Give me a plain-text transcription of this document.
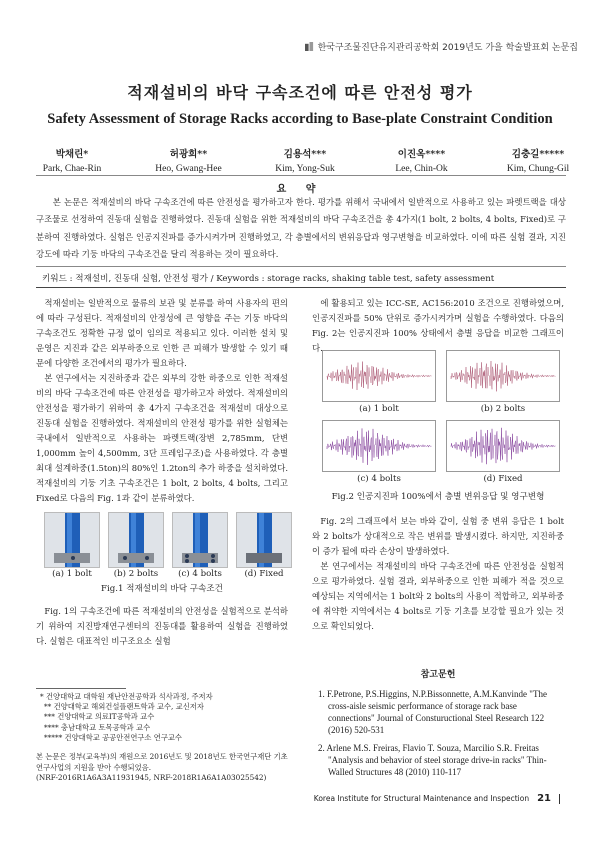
한국구조물진단유지관리공학회 2019년도 가을 학술발표회 논문집
적재설비의 바닥 구속조건에 따른 안전성 평가
Safety Assessment of Storage Racks according to Base-plate Constraint Condition
박채린*
Park, Chae-Rin
허광희**
Heo, Gwang-Hee
김용석***
Kim, Yong-Suk
이진옥****
Lee, Chin-Ok
김충길*****
Kim, Chung-Gil
요 약
본 논문은 적재설비의 바닥 구속조건에 따른 안전성을 평가하고자 한다. 평가를 위해서 국내에서 일반적으로 사용하고 있는 파렛트랙을 대상구조물로 선정하여 진동대 실험을 진행하였다. 진동대 실험을 위한 적재설비의 바닥 구속조건을 총 4가지(1 bolt, 2 bolts, 4 bolts, Fixed)로 구분하여 진행하였다. 실험은 인공지진파를 증가시켜가며 진행하였고, 각 층별에서의 변위응답과 영구변형을 비교하였다. 이에 따른 실험 결과, 지진 강도에 따라 기둥 바닥의 구속조건을 달리 적용하는 것이 필요하다.
키워드 : 적재설비, 진동대 실험, 안전성 평가 / Keywords : storage racks, shaking table test, safety assessment

적재설비는 일반적으로 물류의 보관 및 분류를 하여 사용자의 편의에 따라 구성된다. 적재설비의 안정성에 큰 영향을 주는 기둥 바닥의 구속조건도 정확한 규정 없이 임의로 적용되고 있다. 이러한 설치 및 운영은 지진과 같은 외부하중으로 인한 큰 피해가 발생할 수 있기 때문에 다양한 조건에서의 평가가 필요하다.

본 연구에서는 지진하중과 같은 외부의 강한 하중으로 인한 적재설비의 바닥 구속조건에 따른 안전성을 평가하고자 하였다. 적재설비의 안전성을 평가하기 위하여 총 4가지 구속조건을 적재설비 대상으로 진동대 실험을 진행하였다. 적재설비의 안전성 평가를 위한 실험체는 국내에서 일반적으로 사용하는 파렛트랙(장변 2,785mm, 단변 1,000mm 높이 4,500mm, 3단 프레임구조)을 사용하였다. 각 층별 최대 설계하중(1.5ton)의 80%인 1.2ton의 추가 하중을 설치하였다. 적재설비의 기둥 기초 구속조건은 1 bolt, 2 bolts, 4 bolts, 그리고 Fixed로 다음의 Fig. 1과 같이 분류하였다.

(a) 1 bolt	(b) 2 bolts	(c) 4 bolts	(d) Fixed
Fig.1 적재설비의 바닥 구속조건

Fig. 1의 구속조건에 따른 적재설비의 안전성을 실험적으로 분석하기 위하여 지진방재연구센터의 진동대를 활용하여 실험을 진행하였다. 실험은 대표적인 비구조요소 실험

* 건양대학교 대학원 재난안전공학과 석사과정, 주저자
** 건양대학교 해외건설플랜트학과 교수, 교신저자
*** 건양대학교 의료IT공학과 교수
**** 충남대학교 토목공학과 교수
***** 건양대학교 공공안전연구소 연구교수
본 논문은 정부(교육부)의 재원으로 2016년도 및 2018년도 한국연구재단 기초연구사업의 지원을 받아 수행되었음.
(NRF-2016R1A6A3A11931945, NRF-2018R1A6A1A03025542)

에 활용되고 있는 ICC-SE, AC156:2010 조건으로 진행하였으며, 인공지진파를 50% 단위로 증가시켜가며 실험을 수행하였다. 다음의 Fig. 2는 인공지진파 100% 상태에서 층별 응답을 비교한 그래프이다.

(a) 1 bolt	(b) 2 bolts
(c) 4 bolts	(d) Fixed
Fig.2 인공지진파 100%에서 층별 변위응답 및 영구변형

Fig. 2의 그래프에서 보는 바와 같이, 실험 중 변위 응답은 1 bolt와 2 bolts가 상대적으로 작은 변위를 발생시켰다. 하지만, 지진하중이 증가 될에 따라 손상이 발생하였다.

본 연구에서는 적재설비의 바닥 구속조건에 따른 안전성을 실험적으로 평가하였다. 실험 결과, 외부하중으로 인한 피해가 적을 것으로 예상되는 지역에서는 1 bolt와 2 bolts의 사용이 적합하고, 외부하중에 취약한 지역에서는 4 bolts로 기둥 기초를 보강할 필요가 있는 것으로 확인되었다.

참고문헌
1. F.Petrone, P.S.Higgins, N.P.Bissonnette, A.M.Kanvinde "The cross-aisle seismic performance of storage rack base connections" Journal of Constuructional Steel Research 122 (2016) 520-531
2. Arlene M.S. Freiras, Flavio T. Souza, Marcilio S.R. Freitas "Analysis and behavior of steel storage drive-in racks" Thin-Walled Structures 48 (2010) 110-117
Korea Institute for Structural Maintenance and Inspection 21
